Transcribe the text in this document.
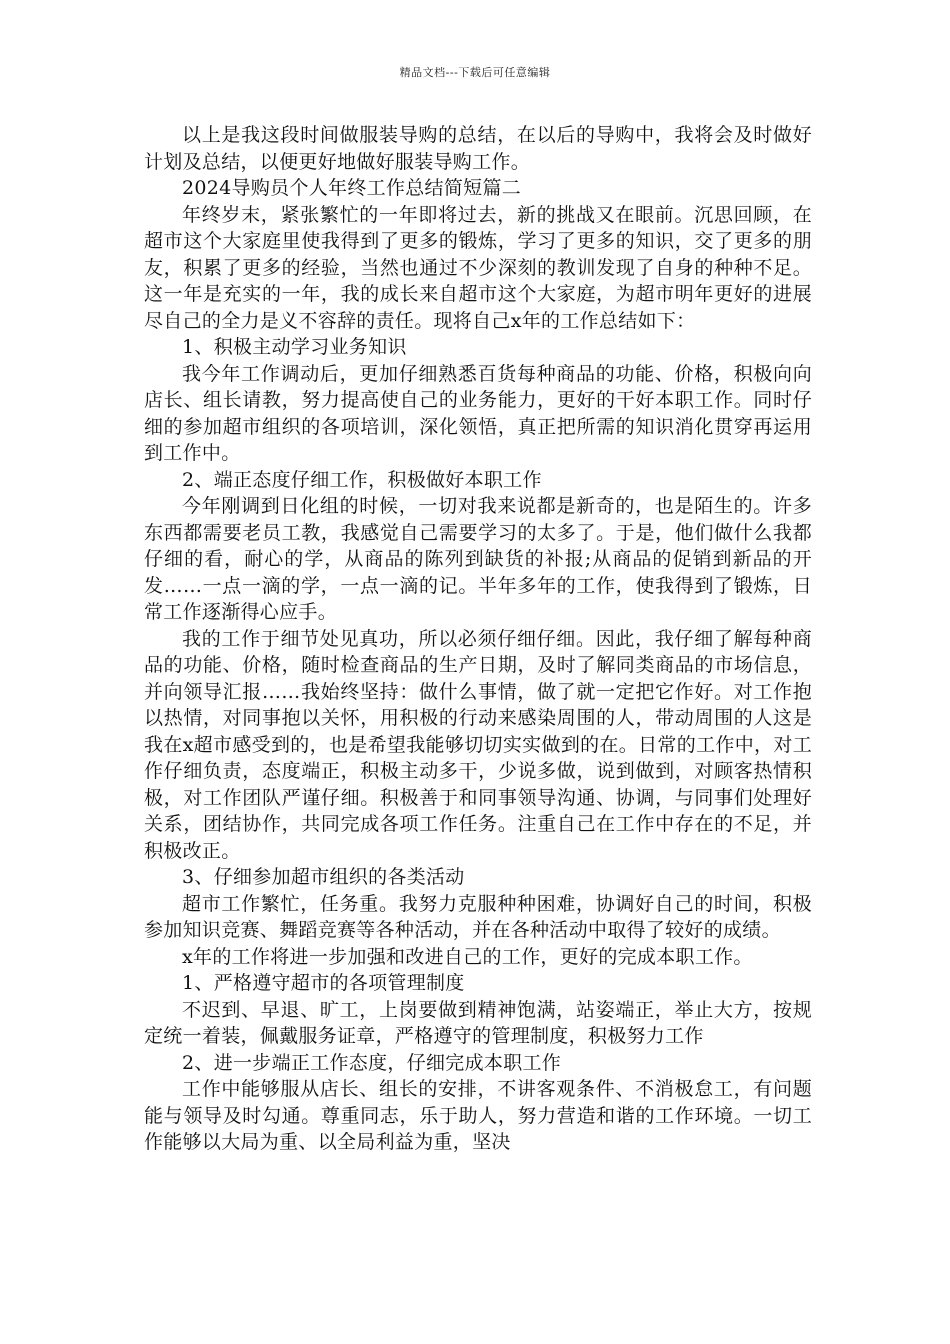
精品文档---下载后可任意编辑

以上是我这段时间做服装导购的总结，在以后的导购中，我将会及时做好计划及总结，以便更好地做好服装导购工作。

2024导购员个人年终工作总结简短篇二

年终岁末，紧张繁忙的一年即将过去，新的挑战又在眼前。沉思回顾，在超市这个大家庭里使我得到了更多的锻炼，学习了更多的知识，交了更多的朋友，积累了更多的经验，当然也通过不少深刻的教训发现了自身的种种不足。这一年是充实的一年，我的成长来自超市这个大家庭，为超市明年更好的进展尽自己的全力是义不容辞的责任。现将自己x年的工作总结如下：

1、积极主动学习业务知识

我今年工作调动后，更加仔细熟悉百货每种商品的功能、价格，积极向向店长、组长请教，努力提高使自己的业务能力，更好的干好本职工作。同时仔细的参加超市组织的各项培训，深化领悟，真正把所需的知识消化贯穿再运用到工作中。

2、端正态度仔细工作，积极做好本职工作

今年刚调到日化组的时候，一切对我来说都是新奇的，也是陌生的。许多东西都需要老员工教，我感觉自己需要学习的太多了。于是，他们做什么我都仔细的看，耐心的学，从商品的陈列到缺货的补报;从商品的促销到新品的开发……一点一滴的学，一点一滴的记。半年多年的工作，使我得到了锻炼，日常工作逐渐得心应手。

我的工作于细节处见真功，所以必须仔细仔细。因此，我仔细了解每种商品的功能、价格，随时检查商品的生产日期，及时了解同类商品的市场信息，并向领导汇报……我始终坚持：做什么事情，做了就一定把它作好。对工作抱以热情，对同事抱以关怀，用积极的行动来感染周围的人，带动周围的人这是我在x超市感受到的，也是希望我能够切切实实做到的在。日常的工作中，对工作仔细负责，态度端正，积极主动多干，少说多做，说到做到，对顾客热情积极，对工作团队严谨仔细。积极善于和同事领导沟通、协调，与同事们处理好关系，团结协作，共同完成各项工作任务。注重自己在工作中存在的不足，并积极改正。

3、仔细参加超市组织的各类活动

超市工作繁忙，任务重。我努力克服种种困难，协调好自己的时间，积极参加知识竞赛、舞蹈竞赛等各种活动，并在各种活动中取得了较好的成绩。

x年的工作将进一步加强和改进自己的工作，更好的完成本职工作。

1、严格遵守超市的各项管理制度

不迟到、早退、旷工，上岗要做到精神饱满，站姿端正，举止大方，按规定统一着装，佩戴服务证章，严格遵守的管理制度，积极努力工作

2、进一步端正工作态度，仔细完成本职工作

工作中能够服从店长、组长的安排，不讲客观条件、不消极怠工，有问题能与领导及时勾通。尊重同志，乐于助人，努力营造和谐的工作环境。一切工作能够以大局为重、以全局利益为重，坚决
